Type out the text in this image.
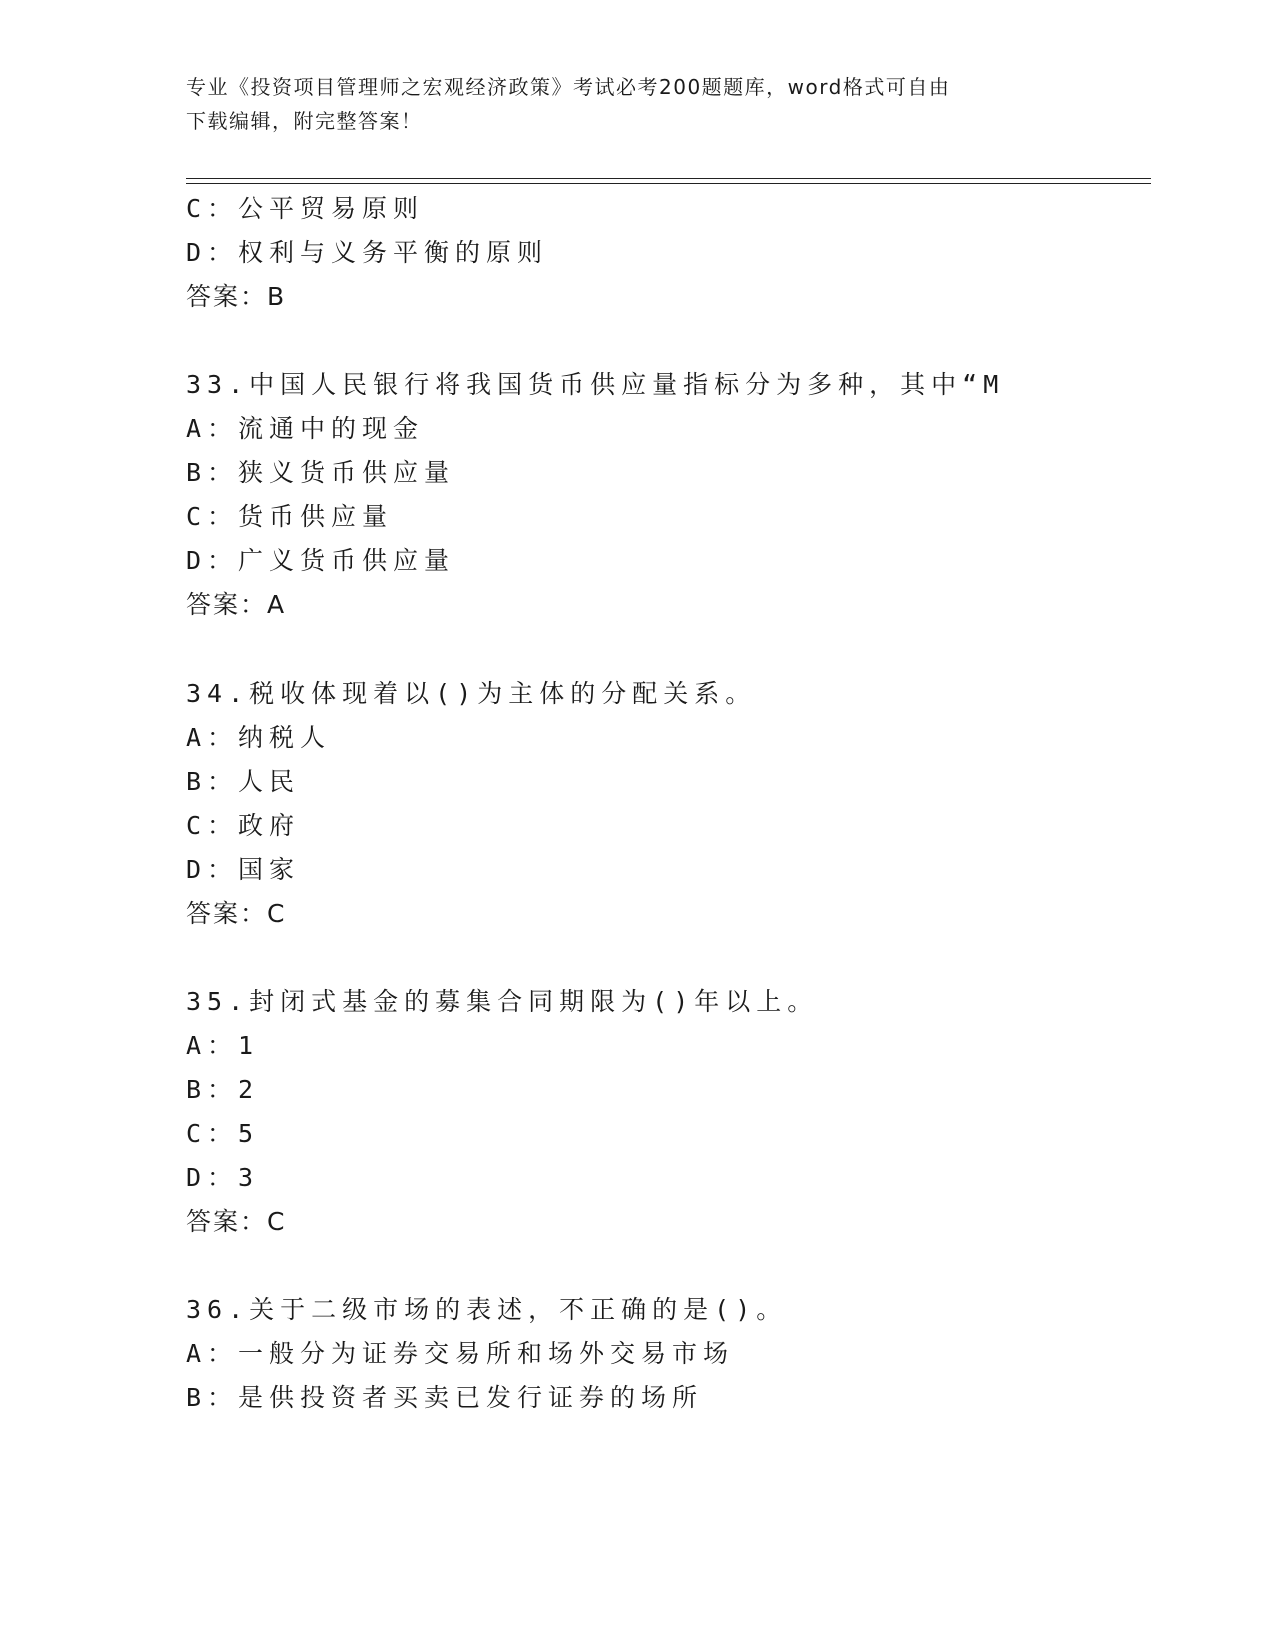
专业《投资项目管理师之宏观经济政策》考试必考200题题库，word格式可自由
下载编辑，附完整答案！
C：公平贸易原则
D：权利与义务平衡的原则
答案：B
33.中国人民银行将我国货币供应量指标分为多种，其中“M
A：流通中的现金
B：狭义货币供应量
C：货币供应量
D：广义货币供应量
答案：A
34.税收体现着以()为主体的分配关系。
A：纳税人
B：人民
C：政府
D：国家
答案：C
35.封闭式基金的募集合同期限为()年以上。
A：1
B：2
C：5
D：3
答案：C
36.关于二级市场的表述，不正确的是()。
A：一般分为证券交易所和场外交易市场
B：是供投资者买卖已发行证券的场所
